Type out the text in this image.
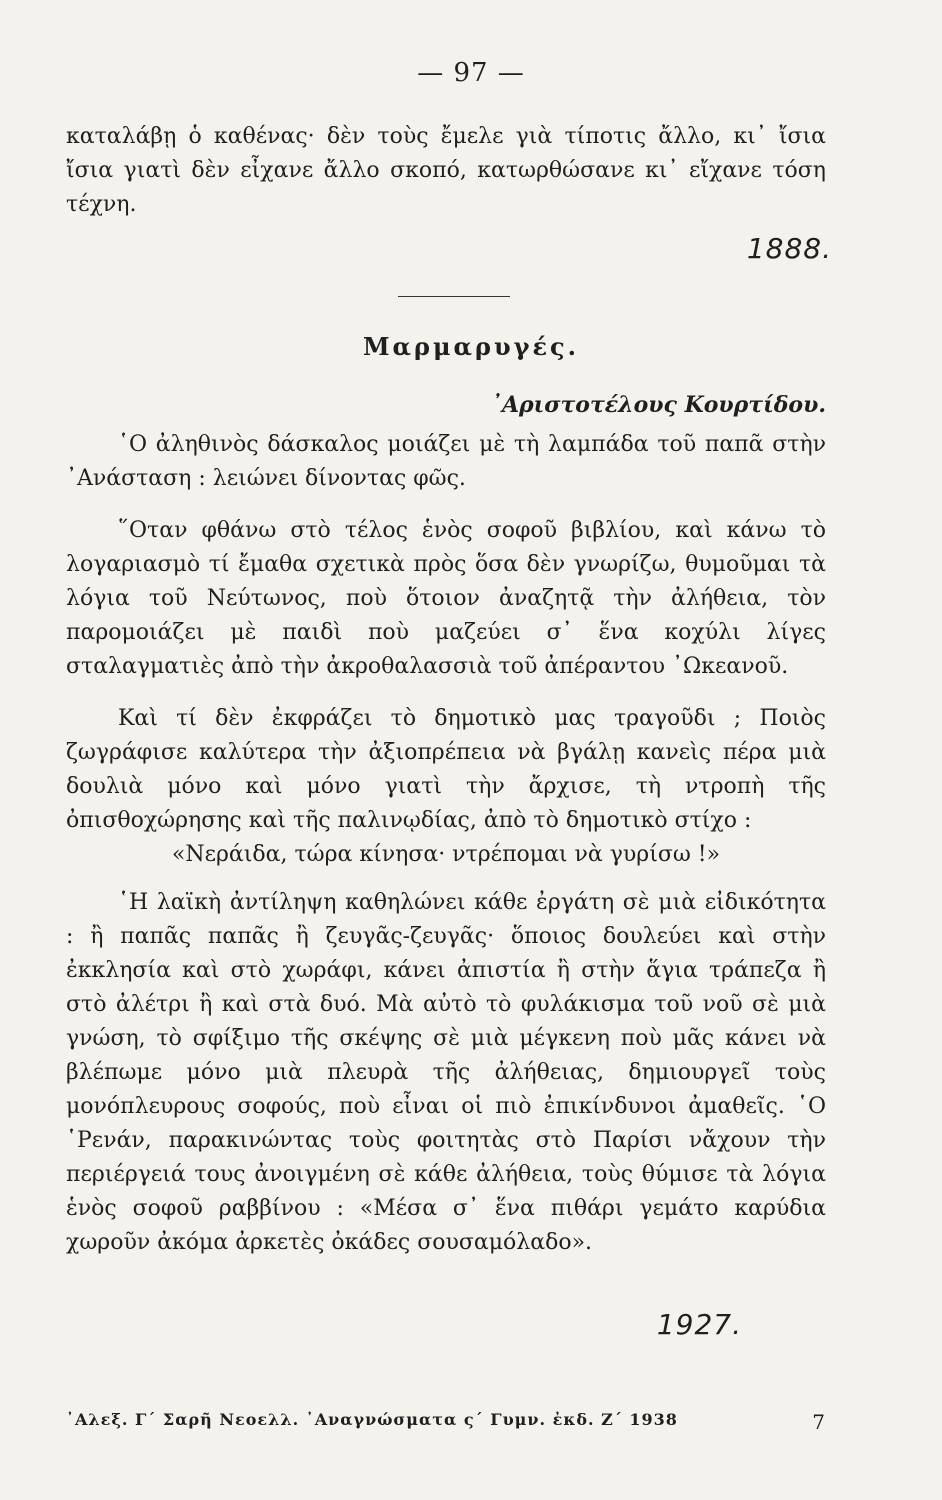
— 97 —

καταλάβῃ ὁ καθένας· δὲν τοὺς ἔμελε γιὰ τίποτις ἄλλο, κι᾽ ἴσια ἴσια γιατὶ δὲν εἶχανε ἄλλο σκοπό, κατωρθώσανε κι᾽ εἴχανε τόση τέχνη.

1888.
Μαρμαρυγές.
᾽Αριστοτέλους Κουρτίδου.

῾Ο ἀληθινὸς δάσκαλος μοιάζει μὲ τὴ λαμπάδα τοῦ παπᾶ στὴν ᾽Ανάσταση : λειώνει δίνοντας φῶς.

῞Οταν φθάνω στὸ τέλος ἑνὸς σοφοῦ βιβλίου, καὶ κάνω τὸ λογαριασμὸ τί ἔμαθα σχετικὰ πρὸς ὅσα δὲν γνωρίζω, θυμοῦμαι τὰ λόγια τοῦ Νεύτωνος, ποὺ ὅτοιον ἀναζητᾷ τὴν ἀλήθεια, τὸν παρομοιάζει μὲ παιδὶ ποὺ μαζεύει σ᾽ ἕνα κοχύλι λίγες σταλαγματιὲς ἀπὸ τὴν ἀκροθαλασσιὰ τοῦ ἀπέραντου ᾽Ωκεανοῦ.

Καὶ τί δὲν ἐκφράζει τὸ δημοτικὸ μας τραγοῦδι ; Ποιὸς ζωγράφισε καλύτερα τὴν ἀξιοπρέπεια νὰ βγάλῃ κανεὶς πέρα μιὰ δουλιὰ μόνο καὶ μόνο γιατὶ τὴν ἄρχισε, τὴ ντροπὴ τῆς ὀπισθοχώρησης καὶ τῆς παλινῳδίας, ἀπὸ τὸ δημοτικὸ στίχο :

«Νεράιδα, τώρα κίνησα· ντρέπομαι νὰ γυρίσω !»

῾Η λαϊκὴ ἀντίληψη καθηλώνει κάθε ἐργάτη σὲ μιὰ εἰδικότητα : ἢ παπᾶς παπᾶς ἢ ζευγᾶς-ζευγᾶς· ὅποιος δουλεύει καὶ στὴν ἐκκλησία καὶ στὸ χωράφι, κάνει ἀπιστία ἢ στὴν ἅγια τράπεζα ἢ στὸ ἀλέτρι ἢ καὶ στὰ δυό. Μὰ αὐτὸ τὸ φυλάκισμα τοῦ νοῦ σὲ μιὰ γνώση, τὸ σφίξιμο τῆς σκέψης σὲ μιὰ μέγκενη ποὺ μᾶς κάνει νὰ βλέπωμε μόνο μιὰ πλευρὰ τῆς ἀλήθειας, δημιουργεῖ τοὺς μονόπλευρους σοφούς, ποὺ εἶναι οἱ πιὸ ἐπικίνδυνοι ἀμαθεῖς. ῾Ο ῾Ρενάν, παρακινώντας τοὺς φοιτητὰς στὸ Παρίσι νἄχουν τὴν περιέργειά τους ἀνοιγμένη σὲ κάθε ἀλήθεια, τοὺς θύμισε τὰ λόγια ἑνὸς σοφοῦ ραββίνου : «Μέσα σ᾽ ἕνα πιθάρι γεμάτο καρύδια χωροῦν ἀκόμα ἀρκετὲς ὀκάδες σουσαμόλαδο».

1927.
᾽Αλεξ. Γ΄ Σαρῆ Νεοελλ. ᾽Αναγνώσματα ς΄ Γυμν. ἐκδ. Ζ΄ 1938	7
